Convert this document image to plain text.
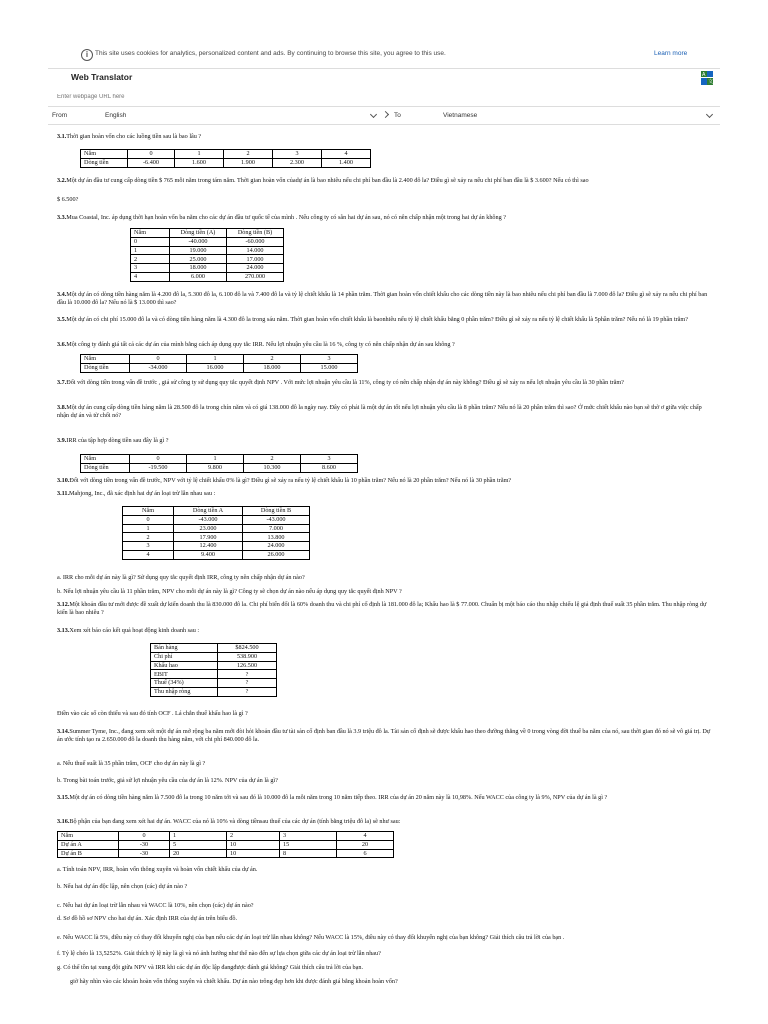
i	This site uses cookies for analytics, personalized content and ads. By continuing to browse this site, you agree to this use.	Learn more
Web Translator	A
文
Enter webpage URL here
From	English	To	Vietnamese
3.1.Thời gian hoàn vốn cho các luồng tiền sau là bao lâu ?
Năm	0	1	2	3	4
Dòng tiền	-6.400	1.600	1.900	2.300	1.400
3.2.Một dự án đầu tư cung cấp dòng tiền $ 765 mỗi năm trong tám năm. Thời gian hoàn vốn củadự án là bao nhiêu nếu chi phí ban đầu là 2.400 đô la? Điều gì sẽ xảy ra nếu chi phí ban đầu là $ 3.600? Nếu có thì sao
$ 6.500?
3.3.Mua Coastal, Inc. áp dụng thời hạn hoàn vốn ba năm cho các dự án đầu tư quốc tế của mình . Nếu công ty có sẵn hai dự án sau, nó có nên chấp nhận một trong hai dự án không ?
Năm	Dòng tiền (A)	Dòng tiền (B)
0	-40.000	-60.000
1	19.000	14.000
2	25.000	17.000
3	18.000	24.000
4	6.000	270.000
3.4.Một dự án có dòng tiền hàng năm là 4.200 đô la, 5.300 đô la, 6.100 đô la và 7.400 đô la và tỷ lệ chiết khấu là 14 phần trăm. Thời gian hoàn vốn chiết khấu cho các dòng tiền này là bao nhiêu nếu chi phí ban đầu là 7.000 đô la? Điều gì sẽ xảy ra nếu chi phí ban đầu là 10.000 đô la? Nếu nó là $ 13.000 thì sao?
3.5.Một dự án có chi phí 15.000 đô la và có dòng tiền hàng năm là 4.300 đô la trong sáu năm. Thời gian hoàn vốn chiết khấu là baonhiêu nếu tỷ lệ chiết khấu bằng 0 phần trăm? Điều gì sẽ xảy ra nếu tỷ lệ chiết khấu là 5phần trăm? Nếu nó là 19 phần trăm?
3.6.Một công ty đánh giá tất cả các dự án của mình bằng cách áp dụng quy tắc IRR. Nếu lợi nhuận yêu cầu là 16 %, công ty có nên chấp nhận dự án sau không ?
Năm	0	1	2	3
Dòng tiền	-34.000	16.000	18.000	15.000
3.7.Đối với dòng tiền trong vấn đề trước , giả sử công ty sử dụng quy tắc quyết định NPV . Với mức lợi nhuận yêu cầu là 11%, công ty có nên chấp nhận dự án này không? Điều gì sẽ xảy ra nếu lợi nhuận yêu cầu là 30 phần trăm?
3.8.Một dự án cung cấp dòng tiền hàng năm là 28.500 đô la trong chín năm và có giá 138.000 đô la ngày nay. Đây có phải là một dự án tốt nếu lợi nhuận yêu cầu là 8 phần trăm? Nếu nó là 20 phần trăm thì sao? Ở mức chiết khấu nào bạn sẽ thờ ơ giữa việc chấp nhận dự án và từ chối nó?
3.9.IRR của tập hợp dòng tiền sau đây là gì ?
Năm	0	1	2	3
Dòng tiền	-19.500	9.800	10.300	8.600
3.10.Đối với dòng tiền trong vấn đề trước, NPV với tỷ lệ chiết khấu 0% là gì? Điều gì sẽ xảy ra nếu tỷ lệ chiết khấu là 10 phần trăm? Nếu nó là 20 phần trăm? Nếu nó là 30 phần trăm?
3.11.Mahjong, Inc., đã xác định hai dự án loại trừ lẫn nhau sau :
Năm	Dòng tiền A	Dòng tiền B
0	-43.000	-43.000
1	23.000	7.000
2	17.900	13.800
3	12.400	24.000
4	9.400	26.000
a. IRR cho mỗi dự án này là gì? Sử dụng quy tắc quyết định IRR, công ty nên chấp nhận dự án nào?
b. Nếu lợi nhuận yêu cầu là 11 phần trăm, NPV cho mỗi dự án này là gì? Công ty sẽ chọn dự án nào nếu áp dụng quy tắc quyết định NPV ?
3.12.Một khoản đầu tư mới được đề xuất dự kiến doanh thu là 830.000 đô la. Chi phí biến đổi là 60% doanh thu và chi phí cố định là 181.000 đô la; Khấu hao là $ 77.000. Chuẩn bị một báo cáo thu nhập chiếu lệ giả định thuế suất 35 phần trăm. Thu nhập ròng dự kiến là bao nhiêu ?
3.13.Xem xét báo cáo kết quả hoạt động kinh doanh sau :
Bán hàng	$824.500
Chi phí	538.900
Khấu hao	126.500
EBIT	?
Thuế (34%)	?
Thu nhập ròng	?
Điền vào các số còn thiếu và sau đó tính OCF . Lá chắn thuế khấu hao là gì ?
3.14.Summer Tyme, Inc., đang xem xét một dự án mở rộng ba năm mới đòi hỏi khoản đầu tư tài sản cố định ban đầu là 3.9 triệu đô la. Tài sản cố định sẽ được khấu hao theo đường thẳng về 0 trong vòng đời thuế ba năm của nó, sau thời gian đó nó sẽ vô giá trị. Dự án ước tính tạo ra 2.650.000 đô la doanh thu hàng năm, với chi phí 840.000 đô la.
a. Nếu thuế suất là 35 phần trăm, OCF cho dự án này là gì ?
b. Trong bài toán trước, giả sử lợi nhuận yêu cầu của dự án là 12%. NPV của dự án là gì?
3.15.Một dự án có dòng tiền hàng năm là 7.500 đô la trong 10 năm tới và sau đó là 10.000 đô la mỗi năm trong 10 năm tiếp theo. IRR của dự án 20 năm này là 10,98%. Nếu WACC của công ty là 9%, NPV của dự án là gì ?
3.16.Bộ phận của bạn đang xem xét hai dự án. WACC của nó là 10% và dòng tiềnsau thuế của các dự án (tính bằng triệu đô la) sẽ như sau:
Năm	0	1	2	3	4
Dự án A	-30	5	10	15	20
Dự án B	-30	20	10	8	6
a. Tính toán NPV, IRR, hoàn vốn thông xuyên và hoàn vốn chiết khấu của dự án.
b. Nếu hai dự án độc lập, nên chọn (các) dự án nào ?
c. Nếu hai dự án loại trừ lẫn nhau và WACC là 10%, nên chọn (các) dự án nào?
d. Sơ đồ hồ sơ NPV cho hai dự án. Xác định IRR của dự án trên biểu đồ.
e. Nếu WACC là 5%, điều này có thay đổi khuyến nghị của bạn nếu các dự án loại trừ lẫn nhau không? Nếu WACC là 15%, điều này có thay đổi khuyến nghị của bạn không? Giải thích câu trả lời của bạn .
f. Tỷ lệ chéo là 13,5252%. Giải thích tỷ lệ này là gì và nó ảnh hưởng như thế nào đến sự lựa chọn giữa các dự án loại trừ lẫn nhau?
g. Có thể tồn tại xung đột giữa NPV và IRR khi các dự án độc lập đangđược đánh giá không? Giải thích câu trả lời của bạn.
giờ hãy nhìn vào các khoản hoàn vốn thông xuyên và chiết khấu. Dự án nào trông đẹp hơn khi được đánh giá bằng khoản hoàn vốn?
